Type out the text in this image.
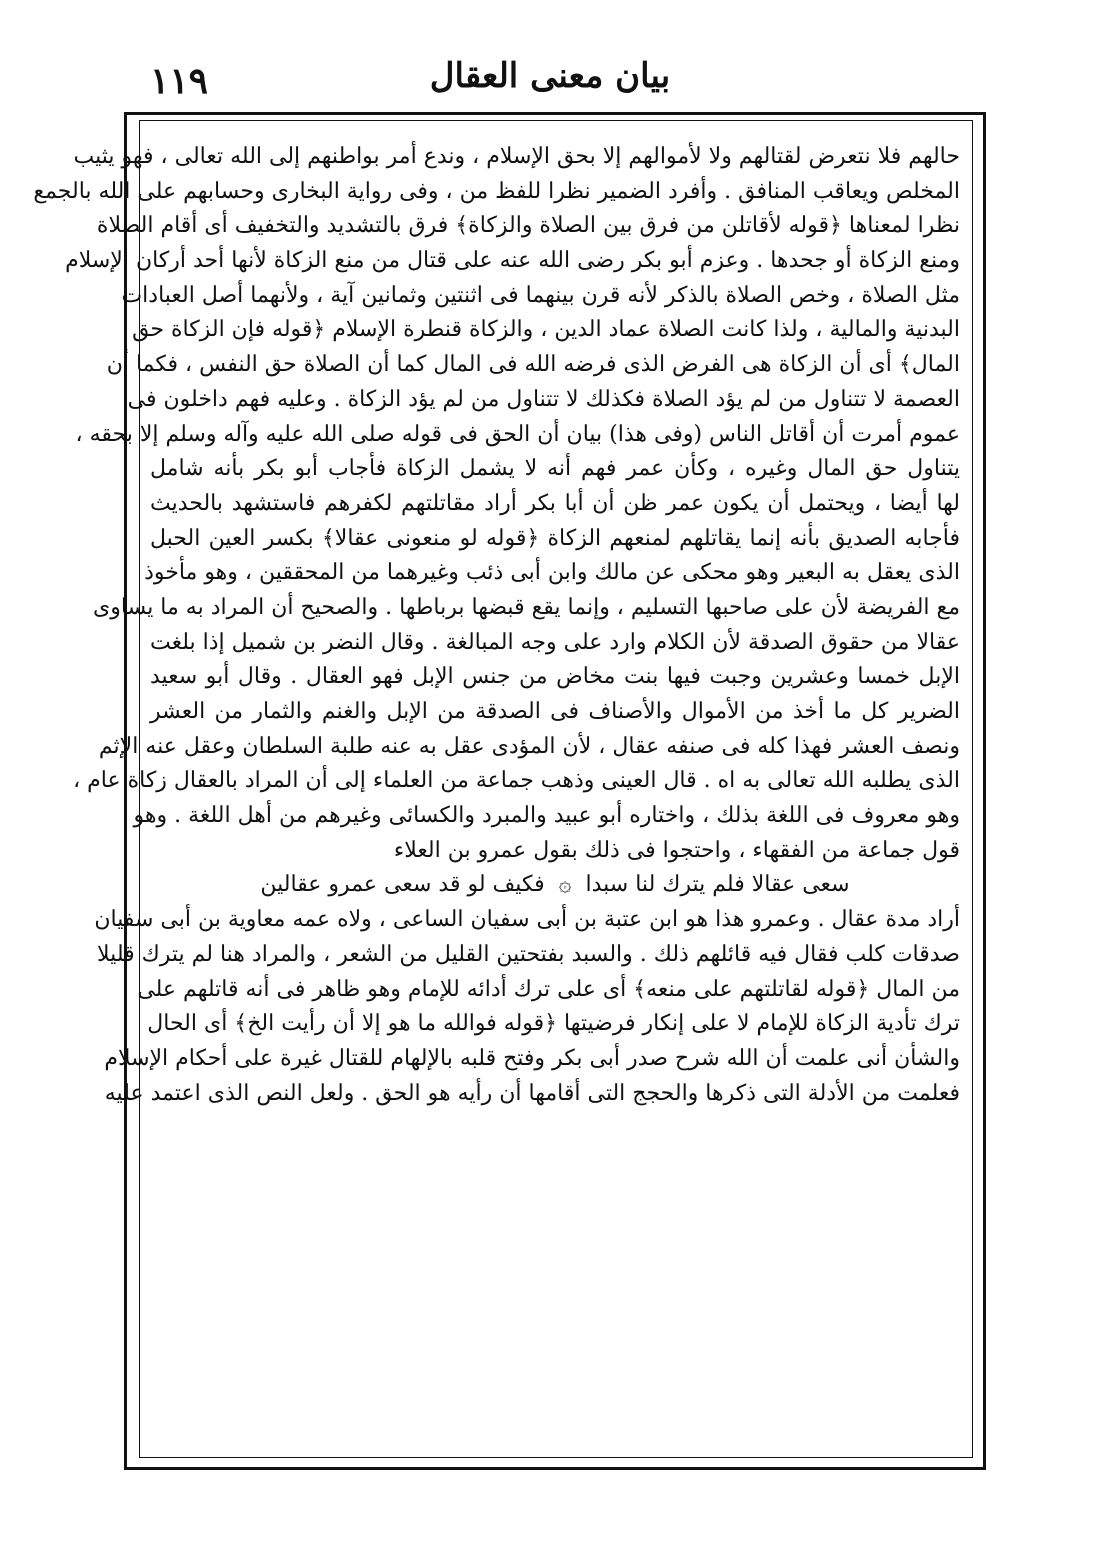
١١٩	بيان معنى العقال
حالهم فلا نتعرض لقتالهم ولا لأموالهم إلا بحق الإسلام ، وندع أمر بواطنهم إلى الله تعالى ، فهو يثيب
المخلص ويعاقب المنافق . وأفرد الضمير نظرا للفظ من ، وفى رواية البخارى وحسابهم على الله بالجمع
نظرا لمعناها ﴿قوله لأقاتلن من فرق بين الصلاة والزكاة﴾ فرق بالتشديد والتخفيف أى أقام الصلاة
ومنع الزكاة أو جحدها . وعزم أبو بكر رضى الله عنه على قتال من منع الزكاة لأنها أحد أركان الإسلام
مثل الصلاة ، وخص الصلاة بالذكر لأنه قرن بينهما فى اثنتين وثمانين آية ، ولأنهما أصل العبادات
البدنية والمالية ، ولذا كانت الصلاة عماد الدين ، والزكاة قنطرة الإسلام ﴿قوله فإن الزكاة حق
المال﴾ أى أن الزكاة هى الفرض الذى فرضه الله فى المال كما أن الصلاة حق النفس ، فكما أن
العصمة لا تتناول من لم يؤد الصلاة فكذلك لا تتناول من لم يؤد الزكاة . وعليه فهم داخلون فى
عموم أمرت أن أقاتل الناس (وفى هذا) بيان أن الحق فى قوله صلى الله عليه وآله وسلم إلا بحقه ،
يتناول حق المال وغيره ، وكأن عمر فهم أنه لا يشمل الزكاة فأجاب أبو بكر بأنه شامل
لها أيضا ، ويحتمل أن يكون عمر ظن أن أبا بكر أراد مقاتلتهم لكفرهم فاستشهد بالحديث
فأجابه الصديق بأنه إنما يقاتلهم لمنعهم الزكاة ﴿قوله لو منعونى عقالا﴾ بكسر العين الحبل
الذى يعقل به البعير وهو محكى عن مالك وابن أبى ذئب وغيرهما من المحققين ، وهو مأخوذ
مع الفريضة لأن على صاحبها التسليم ، وإنما يقع قبضها برباطها . والصحيح أن المراد به ما يساوى
عقالا من حقوق الصدقة لأن الكلام وارد على وجه المبالغة . وقال النضر بن شميل إذا بلغت
الإبل خمسا وعشرين وجبت فيها بنت مخاض من جنس الإبل فهو العقال . وقال أبو سعيد
الضرير كل ما أخذ من الأموال والأصناف فى الصدقة من الإبل والغنم والثمار من العشر
ونصف العشر فهذا كله فى صنفه عقال ، لأن المؤدى عقل به عنه طلبة السلطان وعقل عنه الإثم
الذى يطلبه الله تعالى به اه . قال العينى وذهب جماعة من العلماء إلى أن المراد بالعقال زكاة عام ،
وهو معروف فى اللغة بذلك ، واختاره أبو عبيد والمبرد والكسائى وغيرهم من أهل اللغة . وهو
قول جماعة من الفقهاء ، واحتجوا فى ذلك بقول عمرو بن العلاء
سعى عقالا فلم يترك لنا سبدا  ۞  فكيف لو قد سعى عمرو عقالين
أراد مدة عقال . وعمرو هذا هو ابن عتبة بن أبى سفيان الساعى ، ولاه عمه معاوية بن أبى سفيان
صدقات كلب فقال فيه قائلهم ذلك . والسبد بفتحتين القليل من الشعر ، والمراد هنا لم يترك قليلا
من المال ﴿قوله لقاتلتهم على منعه﴾ أى على ترك أدائه للإمام وهو ظاهر فى أنه قاتلهم على
ترك تأدية الزكاة للإمام لا على إنكار فرضيتها ﴿قوله فوالله ما هو إلا أن رأيت الخ﴾ أى الحال
والشأن أنى علمت أن الله شرح صدر أبى بكر وفتح قلبه بالإلهام للقتال غيرة على أحكام الإسلام
فعلمت من الأدلة التى ذكرها والحجج التى أقامها أن رأيه هو الحق . ولعل النص الذى اعتمد عليه
